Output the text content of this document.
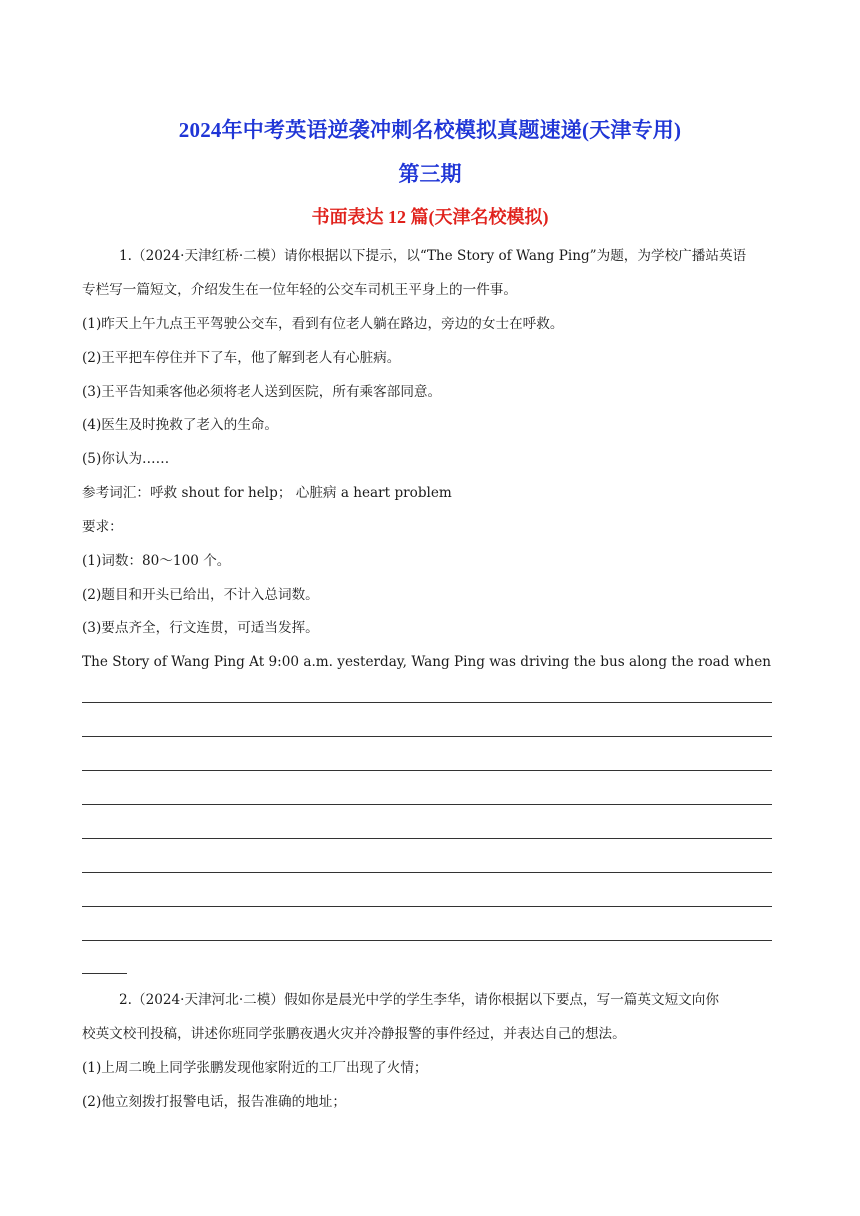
2024年中考英语逆袭冲刺名校模拟真题速递(天津专用)
第三期
书面表达 12 篇(天津名校模拟)
1.（2024·天津红桥·二模）请你根据以下提示，以“The Story of Wang Ping”为题，为学校广播站英语
专栏写一篇短文，介绍发生在一位年轻的公交车司机王平身上的一件事。
(1)昨天上午九点王平驾驶公交车，看到有位老人躺在路边，旁边的女士在呼救。
(2)王平把车停住并下了车，他了解到老人有心脏病。
(3)王平告知乘客他必须将老人送到医院，所有乘客部同意。
(4)医生及时挽救了老入的生命。
(5)你认为……
参考词汇：呼救 shout for help； 心脏病 a heart problem
要求：
(1)词数：80～100 个。
(2)题目和开头已给出，不计入总词数。
(3)要点齐全，行文连贯，可适当发挥。
The Story of Wang Ping At 9:00 a.m. yesterday, Wang Ping was driving the bus along the road when
2.（2024·天津河北·二模）假如你是晨光中学的学生李华，请你根据以下要点，写一篇英文短文向你
校英文校刊投稿，讲述你班同学张鹏夜遇火灾并冷静报警的事件经过，并表达自己的想法。
(1)上周二晚上同学张鹏发现他家附近的工厂出现了火情；
(2)他立刻拨打报警电话，报告准确的地址；
